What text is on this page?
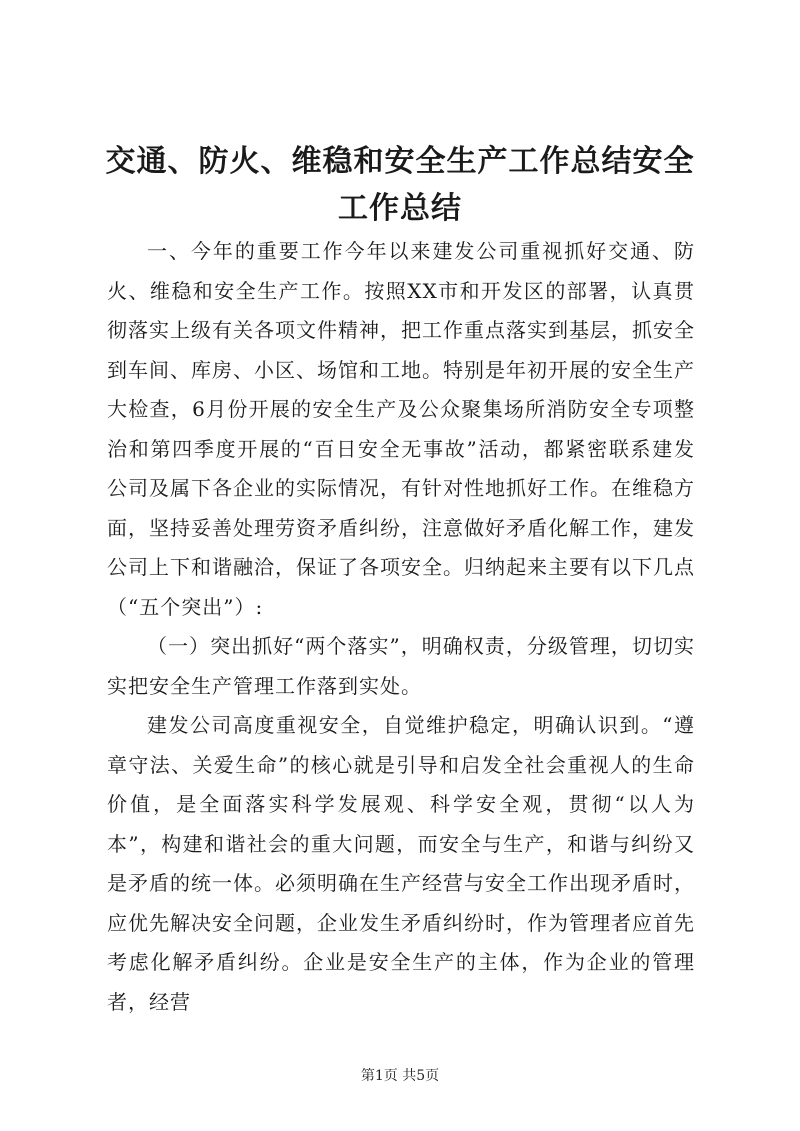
交通、防火、维稳和安全生产工作总结安全工作总结

一、今年的重要工作今年以来建发公司重视抓好交通、防火、维稳和安全生产工作。按照XX市和开发区的部署，认真贯彻落实上级有关各项文件精神，把工作重点落实到基层，抓安全到车间、库房、小区、场馆和工地。特别是年初开展的安全生产大检查，6月份开展的安全生产及公众聚集场所消防安全专项整治和第四季度开展的“百日安全无事故”活动，都紧密联系建发公司及属下各企业的实际情况，有针对性地抓好工作。在维稳方面，坚持妥善处理劳资矛盾纠纷，注意做好矛盾化解工作，建发公司上下和谐融洽，保证了各项安全。归纳起来主要有以下几点（“五个突出”）:

（一）突出抓好“两个落实”，明确权责，分级管理，切切实实把安全生产管理工作落到实处。

建发公司高度重视安全，自觉维护稳定，明确认识到。“遵章守法、关爱生命”的核心就是引导和启发全社会重视人的生命价值，是全面落实科学发展观、科学安全观，贯彻“以人为本”，构建和谐社会的重大问题，而安全与生产，和谐与纠纷又是矛盾的统一体。必须明确在生产经营与安全工作出现矛盾时，应优先解决安全问题，企业发生矛盾纠纷时，作为管理者应首先考虑化解矛盾纠纷。企业是安全生产的主体，作为企业的管理者，经营

第1页 共5页
